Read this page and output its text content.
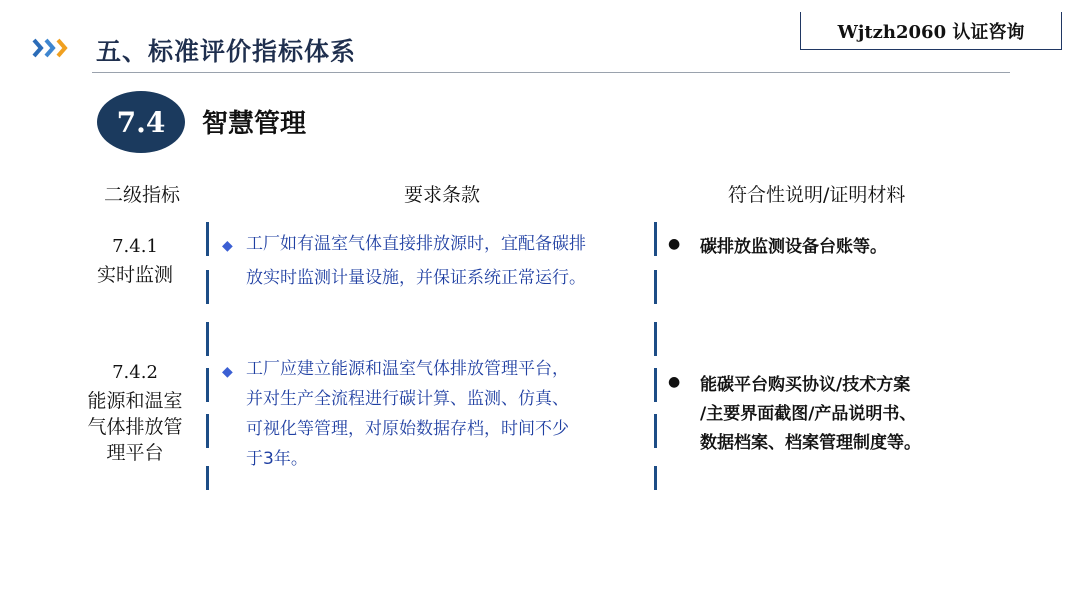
五、标准评价指标体系
Wjtzh2060 认证咨询
7.4 智慧管理
二级指标	要求条款	符合性说明/证明材料
7.4.1
实时监测
◆ 工厂如有温室气体直接排放源时，宜配备碳排
放实时监测计量设施，并保证系统正常运行。
● 碳排放监测设备台账等。
7.4.2
能源和温室
气体排放管
理平台
◆ 工厂应建立能源和温室气体排放管理平台，
并对生产全流程进行碳计算、监测、仿真、
可视化等管理，对原始数据存档，时间不少
于3年。
● 能碳平台购买协议/技术方案
/主要界面截图/产品说明书、
数据档案、档案管理制度等。
